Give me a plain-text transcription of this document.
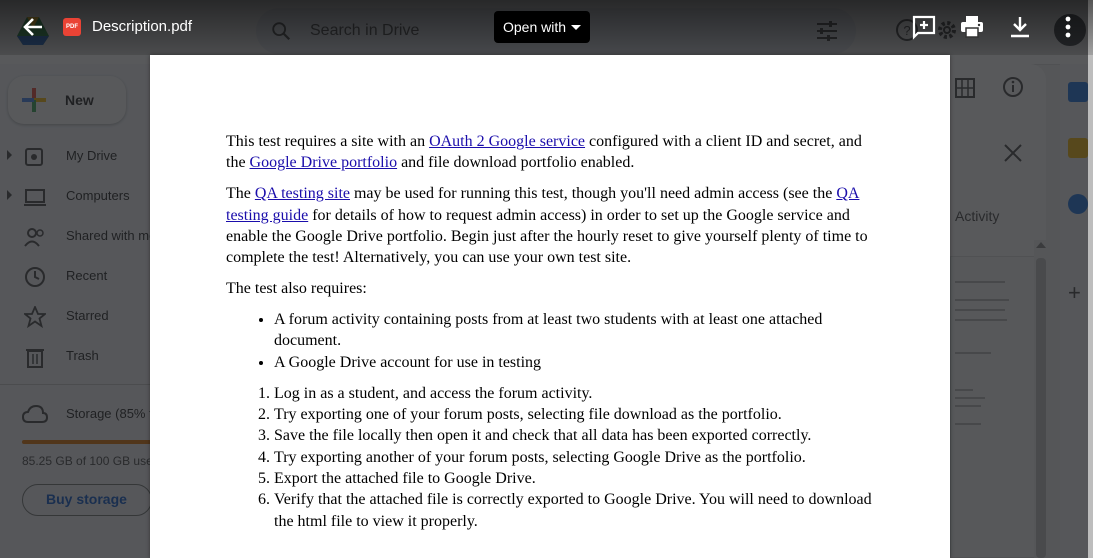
PDF Description.pdf	Open with

This test requires a site with an OAuth 2 Google service configured with a client ID and secret, and the Google Drive portfolio and file download portfolio enabled.

The QA testing site may be used for running this test, though you'll need admin access (see the QA testing guide for details of how to request admin access) in order to set up the Google service and enable the Google Drive portfolio. Begin just after the hourly reset to give yourself plenty of time to complete the test! Alternatively, you can use your own test site.

The test also requires:

• A forum activity containing posts from at least two students with at least one attached document.
• A Google Drive account for use in testing
1. Log in as a student, and access the forum activity.
2. Try exporting one of your forum posts, selecting file download as the portfolio.
3. Save the file locally then open it and check that all data has been exported correctly.
4. Try exporting another of your forum posts, selecting Google Drive as the portfolio.
5. Export the attached file to Google Drive.
6. Verify that the attached file is correctly exported to Google Drive. You will need to download the html file to view it properly.
